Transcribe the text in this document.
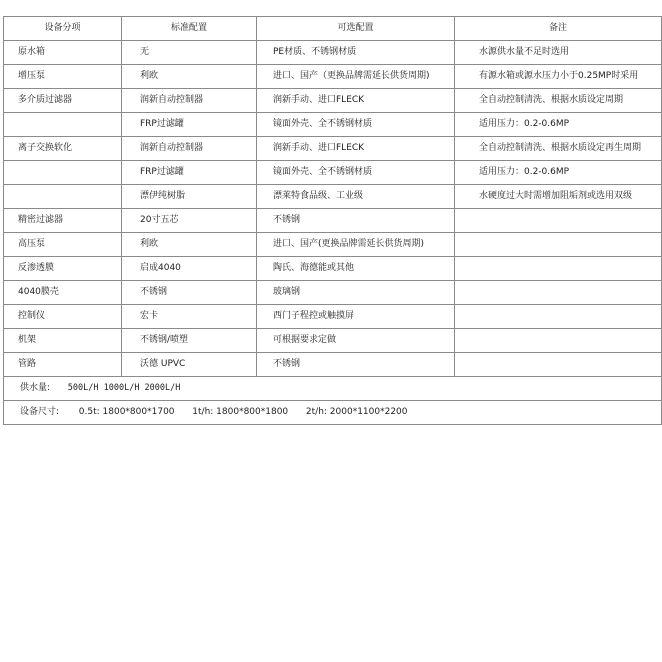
设备分项	标准配置	可选配置	备注
原水箱	无	PE材质、不锈钢材质	水源供水量不足时选用
增压泵	利欧	进口、国产（更换品牌需延长供货周期)	有源水箱或源水压力小于0.25MP时采用
多介质过滤器	润新自动控制器	润新手动、进口FLECK	全自动控制清洗、根据水质设定周期
	FRP过滤罐	镜面外壳、全不锈钢材质	适用压力：0.2-0.6MP
离子交换软化	润新自动控制器	润新手动、进口FLECK	全自动控制清洗、根据水质设定再生周期
	FRP过滤罐	镜面外壳、全不锈钢材质	适用压力：0.2-0.6MP
	漂伊纯树脂	漂莱特食品级、工业级	水硬度过大时需增加阻垢剂或选用双级
精密过滤器	20寸五芯	不锈钢	
高压泵	利欧	进口、国产(更换品牌需延长供货周期)	
反渗透膜	启成4040	陶氏、海德能或其他	
4040膜壳	不锈钢	玻璃钢	
控制仪	宏卡	西门子程控或触摸屏	
机架	不锈钢/喷塑	可根据要求定做	
管路	沃德 UPVC	不锈钢	
供水量: 500L/H 1000L/H 2000L/H			
设备尺寸: 0.5t: 1800*800*1700 1t/h: 1800*800*1800 2t/h: 2000*1100*2200			
